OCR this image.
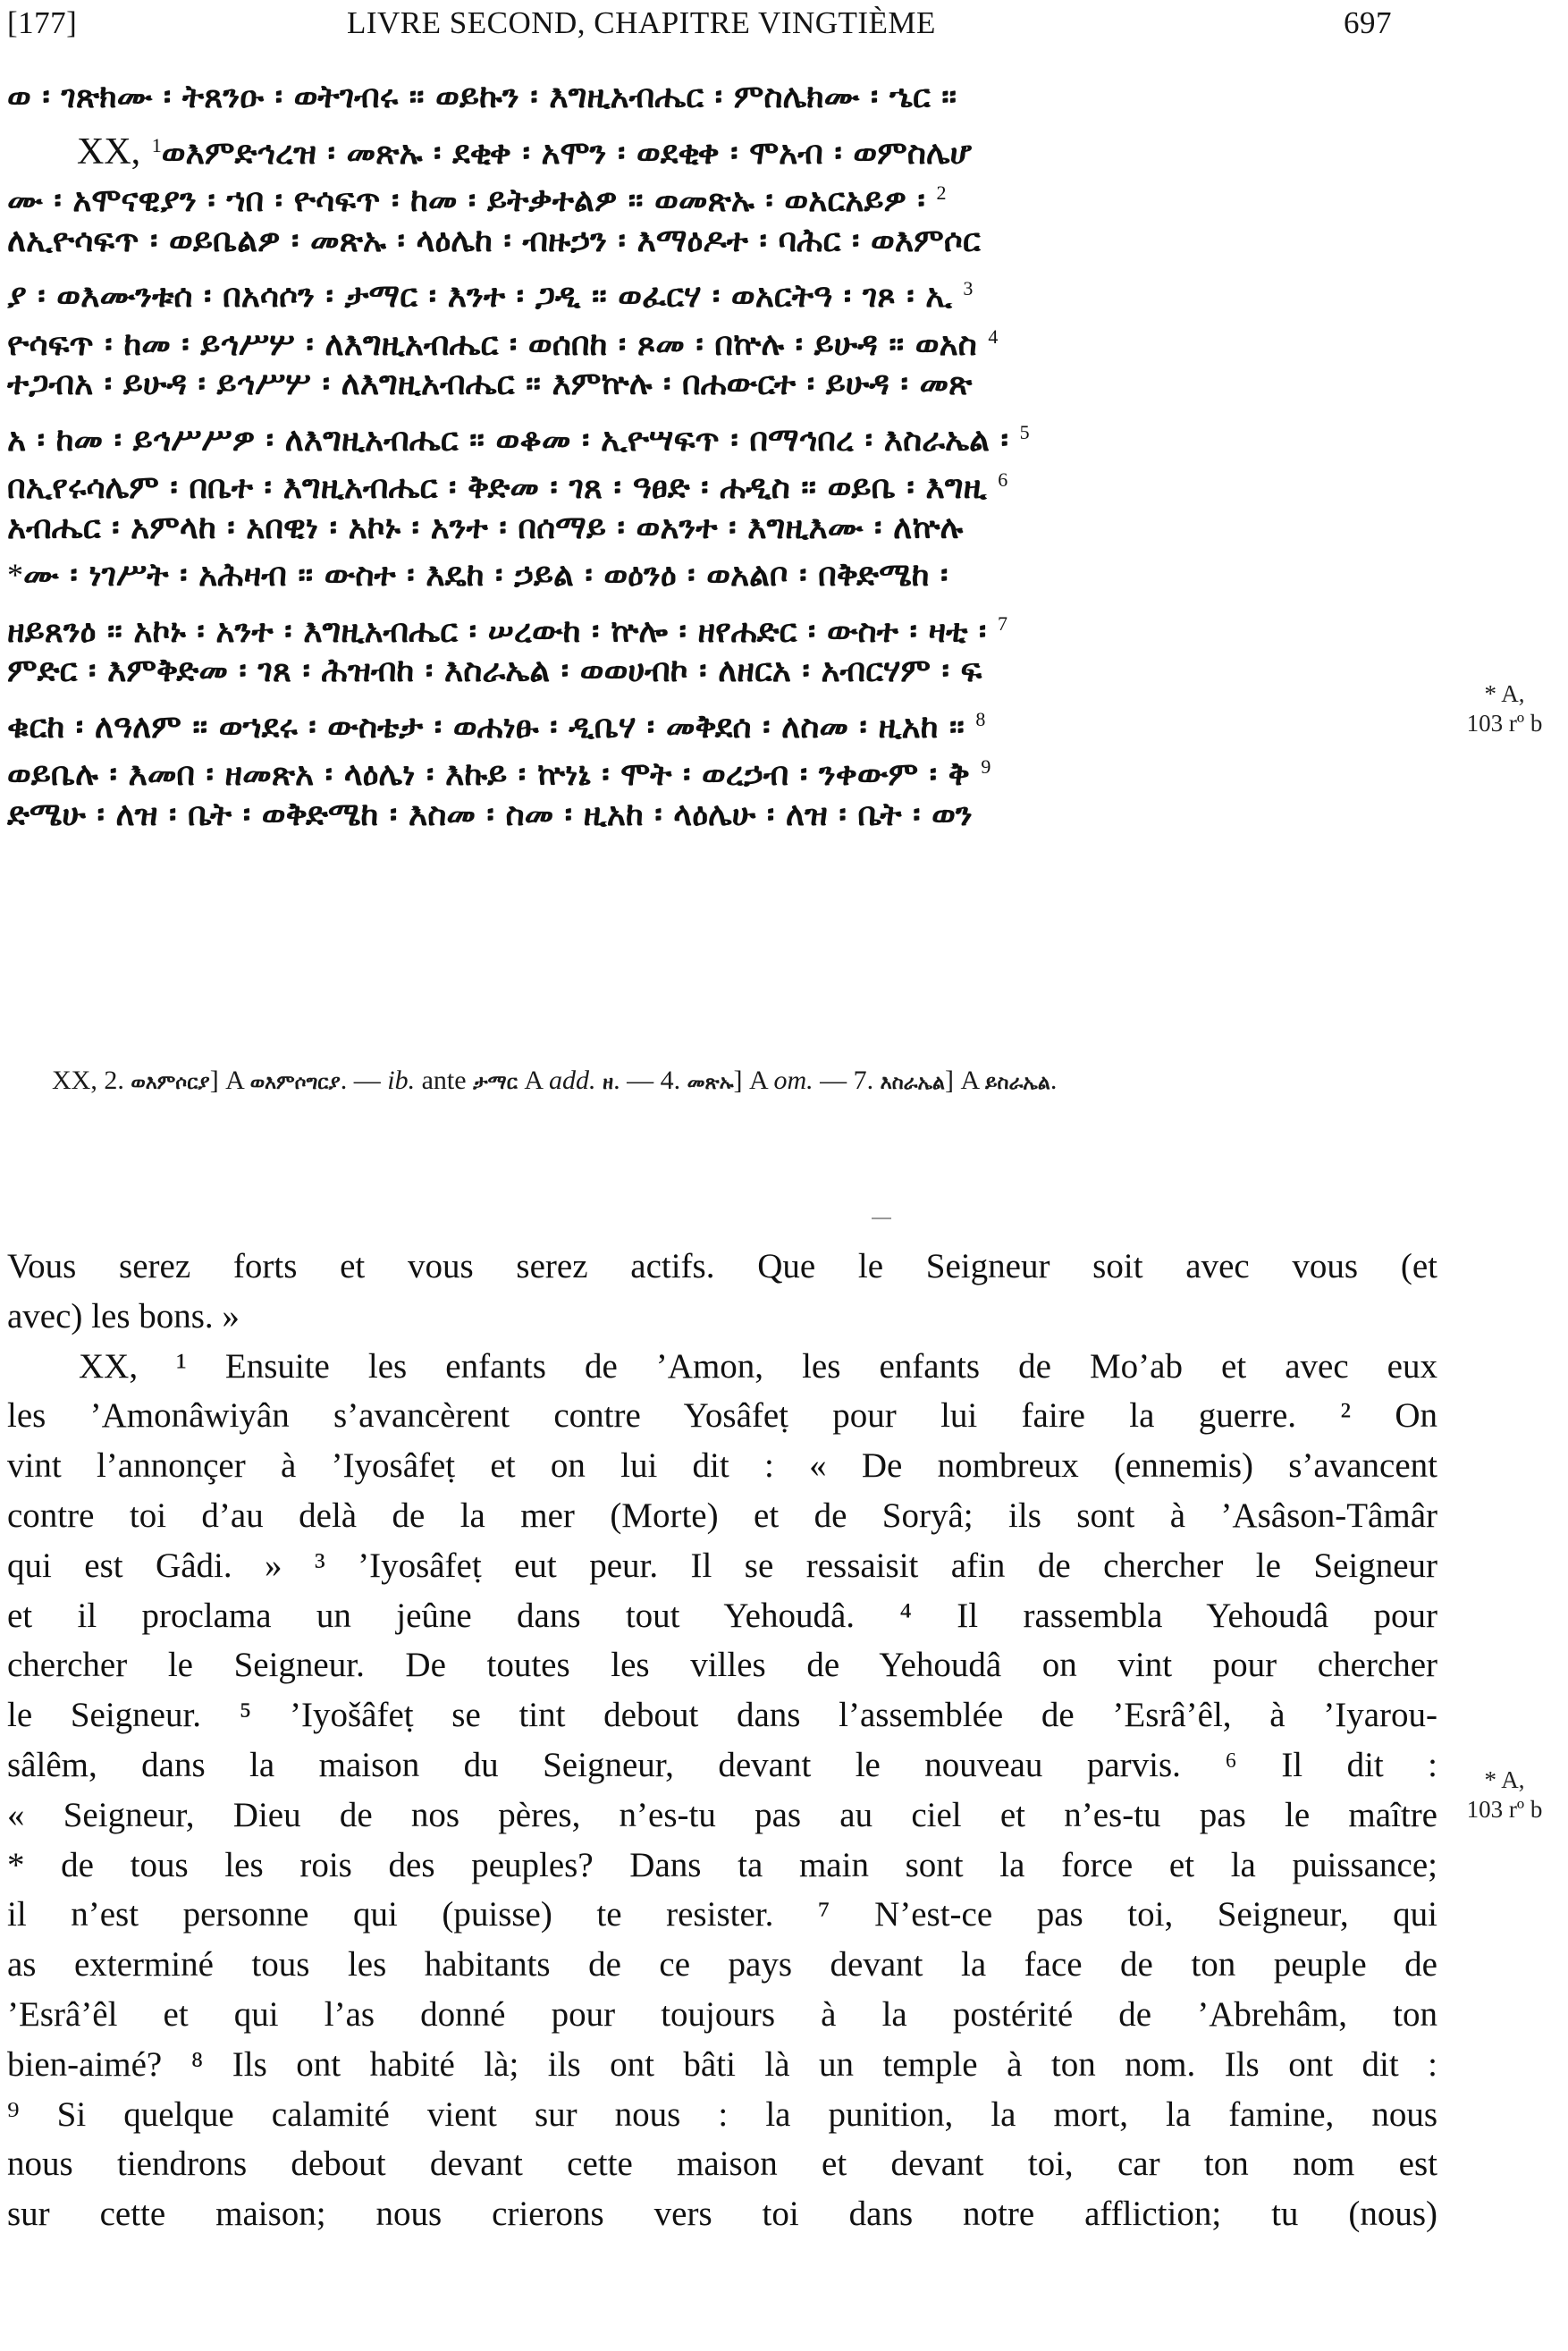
[177]	LIVRE SECOND, CHAPITRE VINGTIÈME	697
ወ ፡ ገጽክሙ ፡ ትጸንዑ ፡ ወትገብሩ ። ወይኩን ፡ እግዚአብሔር ፡ ምስሌክሙ ፡ ኄር ።
XX, $^1$ወእምድኅረዝ ፡ መጽኡ ፡ ደቂቀ ፡ አሞን ፡ ወደቂቀ ፡ ሞአብ ፡ ወምስሌሆ
ሙ ፡ አሞናዊያን ፡ ኀበ ፡ ዮሳፍጥ ፡ ከመ ፡ ይትቃተልዎ ። ወመጽኡ ፡ ወአርአይዎ ፡ $^2$
ለኢዮሳፍጥ ፡ ወይቤልዎ ፡ መጽኡ ፡ ላዕሌከ ፡ ብዙኃን ፡ እማዕዶተ ፡ ባሕር ፡ ወእምሶር
ያ ፡ ወእሙንቱሰ ፡ በአሳሶን ፡ ታማር ፡ እንተ ፡ ጋዲ ። ወፈርሃ ፡ ወአርትዓ ፡ ገጾ ፡ ኢ $^3$
ዮሳፍጥ ፡ ከመ ፡ ይኅሥሦ ፡ ለእግዚአብሔር ፡ ወሰበከ ፡ ጾመ ፡ በኵሉ ፡ ይሁዳ ። ወአስ $^4$
ተጋብአ ፡ ይሁዳ ፡ ይኅሥሦ ፡ ለእግዚአብሔር ። እምኵሉ ፡ በሐውርተ ፡ ይሁዳ ፡ መጽ
አ ፡ ከመ ፡ ይኅሥሥዎ ፡ ለእግዚአብሔር ። ወቆመ ፡ ኢዮሣፍጥ ፡ በማኅበረ ፡ እስራኤል ፡ $^5$
በኢየሩሳሌም ፡ በቤተ ፡ እግዚአብሔር ፡ ቅድመ ፡ ገጸ ፡ ዓፀድ ፡ ሐዲስ ። ወይቤ ፡ እግዚ $^6$
አብሔር ፡ አምላከ ፡ አበዊነ ፡ አኮኑ ፡ አንተ ፡ በሰማይ ፡ ወአንተ ፡ እግዚእሙ ፡ ለኵሉ
*ሙ ፡ ነገሥት ፡ አሕዛብ ። ውስተ ፡ እዴከ ፡ ኃይል ፡ ወዕንዕ ፡ ወአልቦ ፡ በቅድሜከ ፡
ዘይጸንዕ ። አኮኑ ፡ አንተ ፡ እግዚአብሔር ፡ ሠረውከ ፡ ኵሎ ፡ ዘየሐድር ፡ ውስተ ፡ ዛቲ ፡ $^7$
ምድር ፡ እምቅድመ ፡ ገጸ ፡ ሕዝብከ ፡ እስራኤል ፡ ወወሀብኮ ፡ ለዘርአ ፡ አብርሃም ፡ ፍ
ቁርከ ፡ ለዓለም ። ወኀደሩ ፡ ውስቴታ ፡ ወሐነፁ ፡ ዲቤሃ ፡ መቅደሰ ፡ ለስመ ፡ ዚአከ ። $^8$
ወይቤሉ ፡ እመበ ፡ ዘመጽአ ፡ ላዕሌነ ፡ እኩይ ፡ ኵነኔ ፡ ሞት ፡ ወረኃብ ፡ ንቀውም ፡ ቅ $^9$
ድሜሁ ፡ ለዝ ፡ ቤት ፡ ወቅድሜከ ፡ እስመ ፡ ስመ ፡ ዚአከ ፡ ላዕሌሁ ፡ ለዝ ፡ ቤት ፡ ወን
* A,
103 rº b
XX, 2. ወእምሶርያ] A ወእምሶግርያ. — ib. ante ታማር A add. ዘ. — 4. መጽኡ] A om. — 7. እስራኤል] A ይስራኤል.
Vous serez forts et vous serez actifs. Que le Seigneur soit avec vous (et
avec) les bons. »
XX, ¹ Ensuite les enfants de ’Amon, les enfants de Mo’ab et avec eux
les ’Amonâwiyân s’avancèrent contre Yosâfeṭ pour lui faire la guerre. ² On
vint l’annonçer à ’Iyosâfeṭ et on lui dit : « De nombreux (ennemis) s’avancent
contre toi d’au delà de la mer (Morte) et de Soryâ; ils sont à ’Asâson-Tâmâr
qui est Gâdi. » ³ ’Iyosâfeṭ eut peur. Il se ressaisit afin de chercher le Seigneur
et il proclama un jeûne dans tout Yehoudâ. ⁴ Il rassembla Yehoudâ pour
chercher le Seigneur. De toutes les villes de Yehoudâ on vint pour chercher
le Seigneur. ⁵ ’Iyošâfeṭ se tint debout dans l’assemblée de ’Esrâ’êl, à ’Iyarou-
sâlêm, dans la maison du Seigneur, devant le nouveau parvis. ⁶ Il dit :
« Seigneur, Dieu de nos pères, n’es-tu pas au ciel et n’es-tu pas le maître
* de tous les rois des peuples? Dans ta main sont la force et la puissance;
il n’est personne qui (puisse) te resister. ⁷ N’est-ce pas toi, Seigneur, qui
as exterminé tous les habitants de ce pays devant la face de ton peuple de
’Esrâ’êl et qui l’as donné pour toujours à la postérité de ’Abrehâm, ton
bien-aimé? ⁸ Ils ont habité là; ils ont bâti là un temple à ton nom. Ils ont dit :
⁹ Si quelque calamité vient sur nous : la punition, la mort, la famine, nous
nous tiendrons debout devant cette maison et devant toi, car ton nom est
sur cette maison; nous crierons vers toi dans notre affliction; tu (nous)
* A,
103 rº b
